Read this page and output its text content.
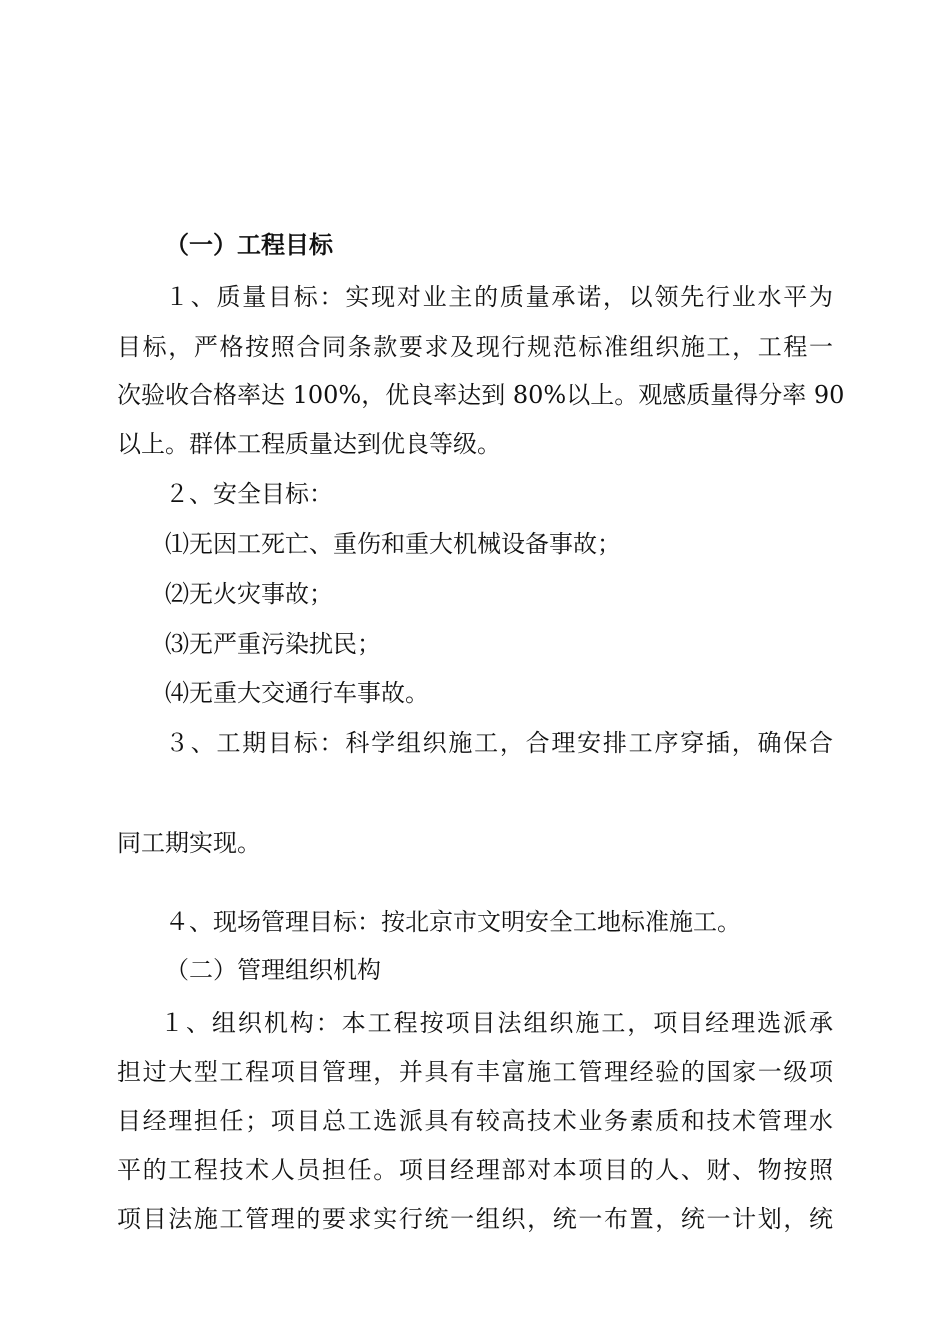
（一）工程目标
１、质量目标：实现对业主的质量承诺，以领先行业水平为
目标，严格按照合同条款要求及现行规范标准组织施工，工程一
次验收合格率达 100%，优良率达到 80%以上。观感质量得分率 90
以上。群体工程质量达到优良等级。
２、安全目标：
⑴无因工死亡、重伤和重大机械设备事故；
⑵无火灾事故；
⑶无严重污染扰民；
⑷无重大交通行车事故。
３、工期目标：科学组织施工，合理安排工序穿插，确保合
同工期实现。
４、现场管理目标：按北京市文明安全工地标准施工。
（二）管理组织机构
１、组织机构：本工程按项目法组织施工，项目经理选派承
担过大型工程项目管理，并具有丰富施工管理经验的国家一级项
目经理担任；项目总工选派具有较高技术业务素质和技术管理水
平的工程技术人员担任。项目经理部对本项目的人、财、物按照
项目法施工管理的要求实行统一组织，统一布置，统一计划，统
